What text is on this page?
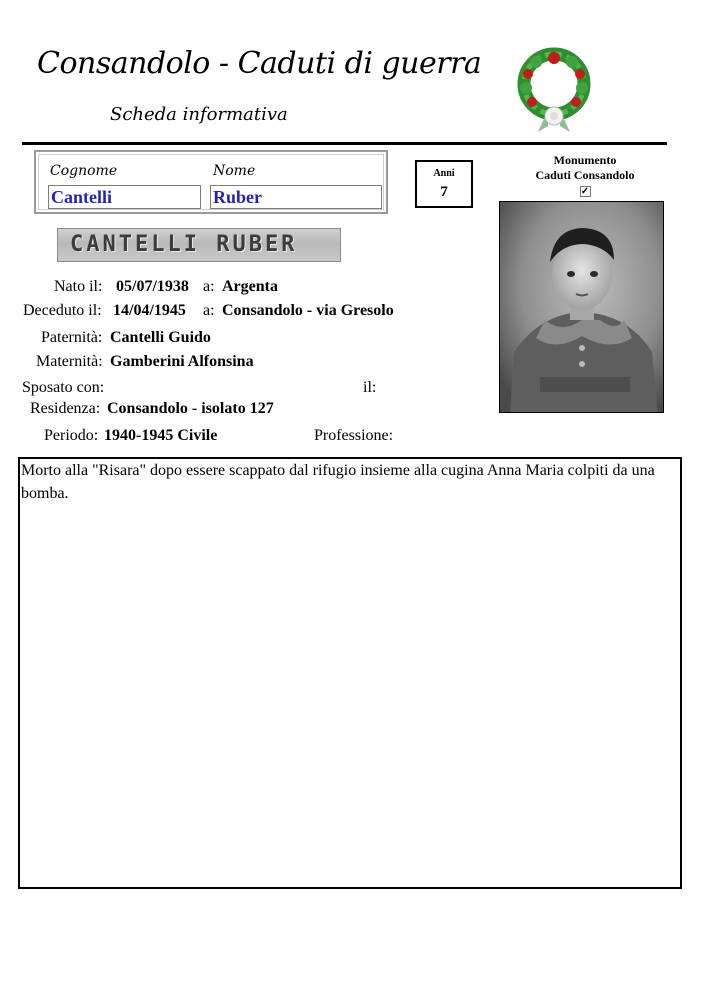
Consandolo - Caduti di guerra
Scheda informativa
Cognome	Nome
Cantelli	Ruber
Anni
7
Monumento
Caduti Consandolo
✓
CANTELLI RUBER
Nato il: 05/07/1938 a: Argenta
Deceduto il: 14/04/1945 a: Consandolo - via Gresolo
Paternità: Cantelli Guido
Maternità: Gamberini Alfonsina
Sposato con:	il:
Residenza: Consandolo - isolato 127
Periodo: 1940-1945 Civile	Professione:
Morto alla "Risara" dopo essere scappato dal rifugio insieme alla cugina Anna Maria colpiti da una bomba.
